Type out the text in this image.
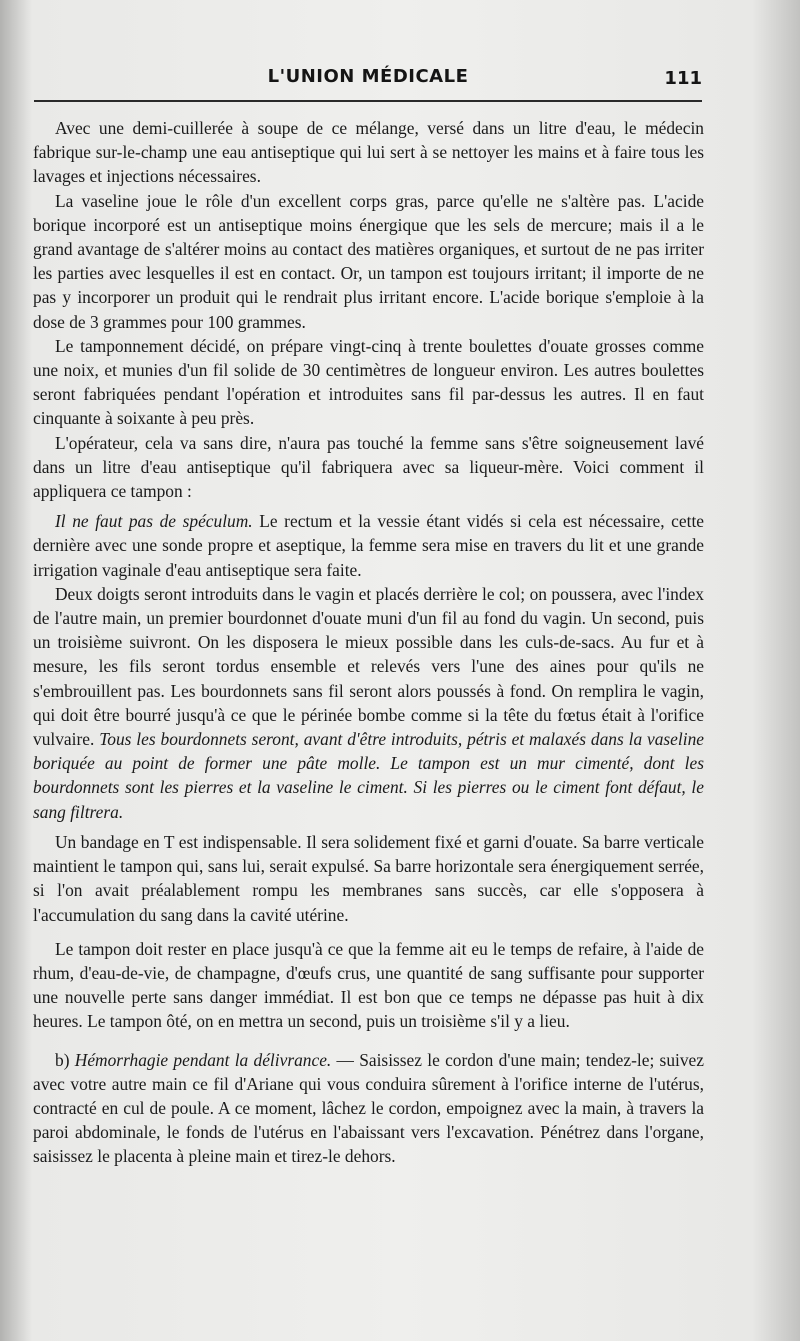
L'UNION MÉDICALE	111

Avec une demi-cuillerée à soupe de ce mélange, versé dans un litre d'eau, le médecin fabrique sur-le-champ une eau antiseptique qui lui sert à se nettoyer les mains et à faire tous les lavages et injections nécessaires.

La vaseline joue le rôle d'un excellent corps gras, parce qu'elle ne s'altère pas. L'acide borique incorporé est un antiseptique moins énergique que les sels de mercure; mais il a le grand avantage de s'altérer moins au contact des matières organiques, et surtout de ne pas irriter les parties avec lesquelles il est en contact. Or, un tampon est toujours irritant; il importe de ne pas y incorporer un produit qui le rendrait plus irritant encore. L'acide borique s'emploie à la dose de 3 grammes pour 100 grammes.

Le tamponnement décidé, on prépare vingt-cinq à trente boulettes d'ouate grosses comme une noix, et munies d'un fil solide de 30 centimètres de longueur environ. Les autres boulettes seront fabriquées pendant l'opération et introduites sans fil par-dessus les autres. Il en faut cinquante à soixante à peu près.

L'opérateur, cela va sans dire, n'aura pas touché la femme sans s'être soigneusement lavé dans un litre d'eau antiseptique qu'il fabriquera avec sa liqueur-mère. Voici comment il appliquera ce tampon :

Il ne faut pas de spéculum. Le rectum et la vessie étant vidés si cela est nécessaire, cette dernière avec une sonde propre et aseptique, la femme sera mise en travers du lit et une grande irrigation vaginale d'eau antiseptique sera faite.

Deux doigts seront introduits dans le vagin et placés derrière le col; on poussera, avec l'index de l'autre main, un premier bourdonnet d'ouate muni d'un fil au fond du vagin. Un second, puis un troisième suivront. On les disposera le mieux possible dans les culs-de-sacs. Au fur et à mesure, les fils seront tordus ensemble et relevés vers l'une des aines pour qu'ils ne s'embrouillent pas. Les bourdonnets sans fil seront alors poussés à fond. On remplira le vagin, qui doit être bourré jusqu'à ce que le périnée bombe comme si la tête du fœtus était à l'orifice vulvaire. Tous les bourdonnets seront, avant d'être introduits, pétris et malaxés dans la vaseline boriquée au point de former une pâte molle. Le tampon est un mur cimenté, dont les bourdonnets sont les pierres et la vaseline le ciment. Si les pierres ou le ciment font défaut, le sang filtrera.

Un bandage en T est indispensable. Il sera solidement fixé et garni d'ouate. Sa barre verticale maintient le tampon qui, sans lui, serait expulsé. Sa barre horizontale sera énergiquement serrée, si l'on avait préalablement rompu les membranes sans succès, car elle s'opposera à l'accumulation du sang dans la cavité utérine.

Le tampon doit rester en place jusqu'à ce que la femme ait eu le temps de refaire, à l'aide de rhum, d'eau-de-vie, de champagne, d'œufs crus, une quantité de sang suffisante pour supporter une nouvelle perte sans danger immédiat. Il est bon que ce temps ne dépasse pas huit à dix heures. Le tampon ôté, on en mettra un second, puis un troisième s'il y a lieu.

b) Hémorrhagie pendant la délivrance. — Saisissez le cordon d'une main; tendez-le; suivez avec votre autre main ce fil d'Ariane qui vous conduira sûrement à l'orifice interne de l'utérus, contracté en cul de poule. A ce moment, lâchez le cordon, empoignez avec la main, à travers la paroi abdominale, le fonds de l'utérus en l'abaissant vers l'excavation. Pénétrez dans l'organe, saisissez le placenta à pleine main et tirez-le dehors.
